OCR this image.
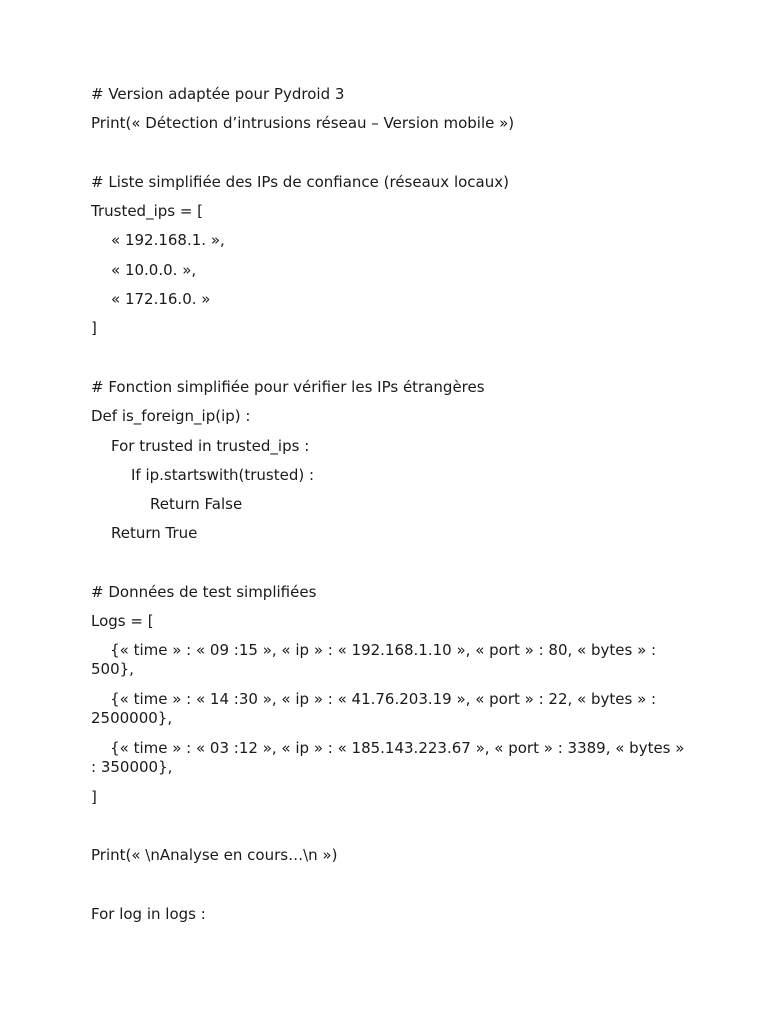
# Version adaptée pour Pydroid 3
Print(« Détection d’intrusions réseau – Version mobile »)
# Liste simplifiée des IPs de confiance (réseaux locaux)
Trusted_ips = [
« 192.168.1. »,
« 10.0.0. »,
« 172.16.0. »
]
# Fonction simplifiée pour vérifier les IPs étrangères
Def is_foreign_ip(ip) :
For trusted in trusted_ips :
If ip.startswith(trusted) :
Return False
Return True
# Données de test simplifiées
Logs = [
{« time » : « 09 :15 », « ip » : « 192.168.1.10 », « port » : 80, « bytes » : 500},
{« time » : « 14 :30 », « ip » : « 41.76.203.19 », « port » : 22, « bytes » : 2500000},
{« time » : « 03 :12 », « ip » : « 185.143.223.67 », « port » : 3389, « bytes » : 350000},
]
Print(« \nAnalyse en cours…\n »)
For log in logs :
